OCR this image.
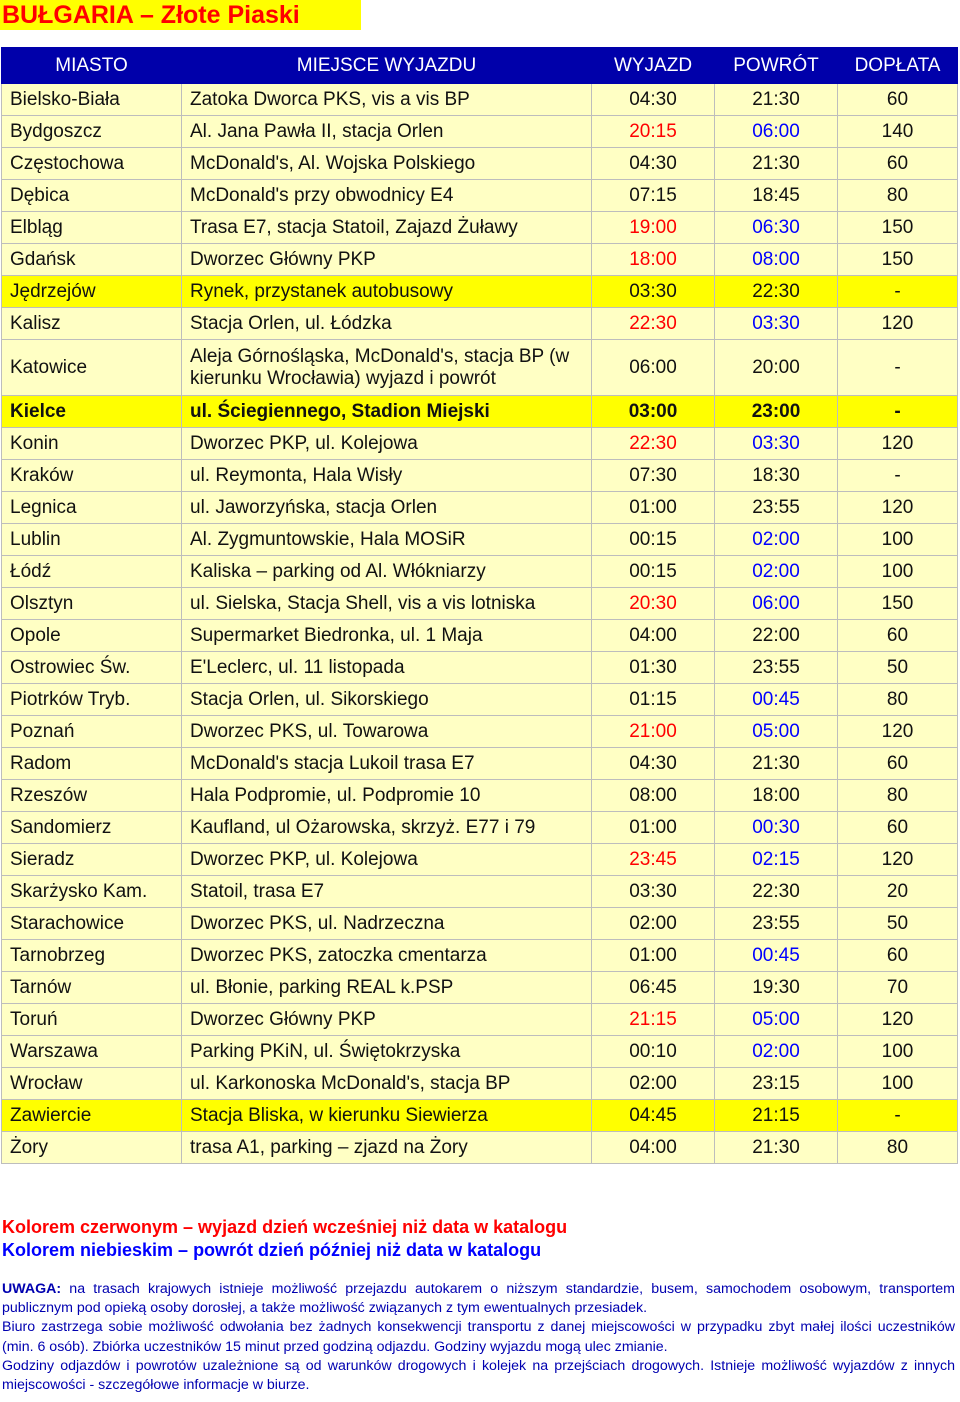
BUŁGARIA – Złote Piaski
MIASTO	MIEJSCE WYJAZDU	WYJAZD	POWRÓT	DOPŁATA
Bielsko-Biała	Zatoka Dworca PKS, vis a vis BP	04:30	21:30	60
Bydgoszcz	Al. Jana Pawła II, stacja Orlen	20:15	06:00	140
Częstochowa	McDonald's, Al. Wojska Polskiego	04:30	21:30	60
Dębica	McDonald's przy obwodnicy E4	07:15	18:45	80
Elbląg	Trasa E7, stacja Statoil, Zajazd Żuławy	19:00	06:30	150
Gdańsk	Dworzec Główny PKP	18:00	08:00	150
Jędrzejów	Rynek, przystanek autobusowy	03:30	22:30	-
Kalisz	Stacja Orlen, ul. Łódzka	22:30	03:30	120
Katowice	Aleja Górnośląska, McDonald's, stacja BP (w kierunku Wrocławia) wyjazd i powrót	06:00	20:00	-
Kielce	ul. Ściegiennego, Stadion Miejski	03:00	23:00	-
Konin	Dworzec PKP, ul. Kolejowa	22:30	03:30	120
Kraków	ul. Reymonta, Hala Wisły	07:30	18:30	-
Legnica	ul. Jaworzyńska, stacja Orlen	01:00	23:55	120
Lublin	Al. Zygmuntowskie, Hala MOSiR	00:15	02:00	100
Łódź	Kaliska – parking od Al. Włókniarzy	00:15	02:00	100
Olsztyn	ul. Sielska, Stacja Shell, vis a vis lotniska	20:30	06:00	150
Opole	Supermarket Biedronka, ul. 1 Maja	04:00	22:00	60
Ostrowiec Św.	E'Leclerc, ul. 11 listopada	01:30	23:55	50
Piotrków Tryb.	Stacja Orlen, ul. Sikorskiego	01:15	00:45	80
Poznań	Dworzec PKS, ul. Towarowa	21:00	05:00	120
Radom	McDonald's stacja Lukoil trasa E7	04:30	21:30	60
Rzeszów	Hala Podpromie, ul. Podpromie 10	08:00	18:00	80
Sandomierz	Kaufland, ul Ożarowska, skrzyż. E77 i 79	01:00	00:30	60
Sieradz	Dworzec PKP, ul. Kolejowa	23:45	02:15	120
Skarżysko Kam.	Statoil, trasa E7	03:30	22:30	20
Starachowice	Dworzec PKS, ul. Nadrzeczna	02:00	23:55	50
Tarnobrzeg	Dworzec PKS, zatoczka cmentarza	01:00	00:45	60
Tarnów	ul. Błonie, parking REAL k.PSP	06:45	19:30	70
Toruń	Dworzec Główny PKP	21:15	05:00	120
Warszawa	Parking PKiN, ul. Świętokrzyska	00:10	02:00	100
Wrocław	ul. Karkonoska McDonald's, stacja BP	02:00	23:15	100
Zawiercie	Stacja Bliska, w kierunku Siewierza	04:45	21:15	-
Żory	trasa A1, parking – zjazd na Żory	04:00	21:30	80
Kolorem czerwonym – wyjazd dzień wcześniej niż data w katalogu
Kolorem niebieskim – powrót dzień później niż data w katalogu

UWAGA: na trasach krajowych istnieje możliwość przejazdu autokarem o niższym standardzie, busem, samochodem osobowym, transportem publicznym pod opieką osoby dorosłej, a także możliwość związanych z tym ewentualnych przesiadek.

Biuro zastrzega sobie możliwość odwołania bez żadnych konsekwencji transportu z danej miejscowości w przypadku zbyt małej ilości uczestników (min. 6 osób). Zbiórka uczestników 15 minut przed godziną odjazdu. Godziny wyjazdu mogą ulec zmianie.

Godziny odjazdów i powrotów uzależnione są od warunków drogowych i kolejek na przejściach drogowych. Istnieje możliwość wyjazdów z innych miejscowości - szczegółowe informacje w biurze.
